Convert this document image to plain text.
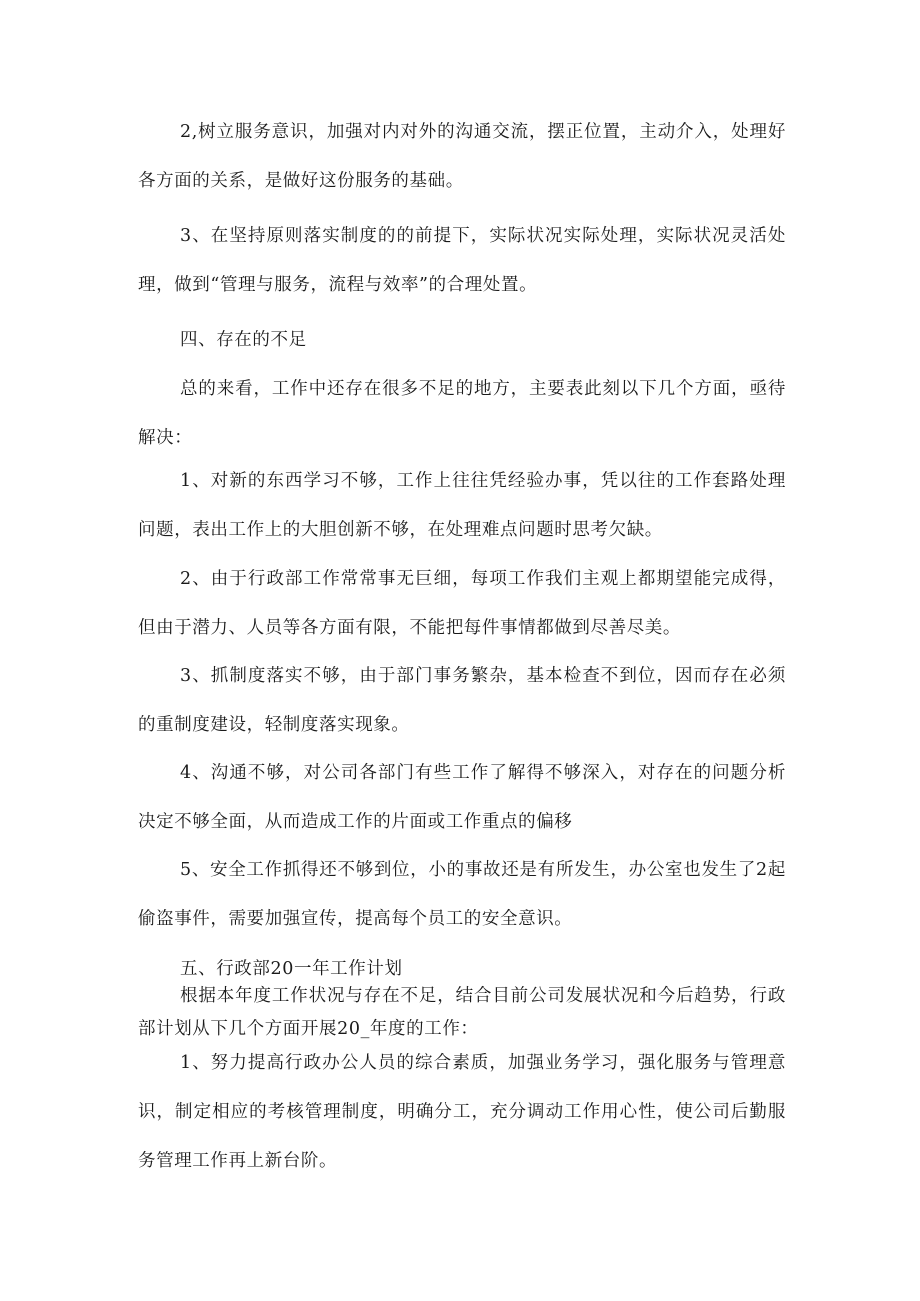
2,树立服务意识，加强对内对外的沟通交流，摆正位置，主动介入，处理好各方面的关系，是做好这份服务的基础。

3、在坚持原则落实制度的的前提下，实际状况实际处理，实际状况灵活处理，做到“管理与服务，流程与效率”的合理处置。

四、存在的不足

总的来看，工作中还存在很多不足的地方，主要表此刻以下几个方面，亟待解决：

1、对新的东西学习不够，工作上往往凭经验办事，凭以往的工作套路处理问题，表出工作上的大胆创新不够，在处理难点问题时思考欠缺。

2、由于行政部工作常常事无巨细，每项工作我们主观上都期望能完成得，但由于潜力、人员等各方面有限，不能把每件事情都做到尽善尽美。

3、抓制度落实不够，由于部门事务繁杂，基本检查不到位，因而存在必须的重制度建设，轻制度落实现象。

4、沟通不够，对公司各部门有些工作了解得不够深入，对存在的问题分析决定不够全面，从而造成工作的片面或工作重点的偏移

5、安全工作抓得还不够到位，小的事故还是有所发生，办公室也发生了2起偷盗事件，需要加强宣传，提高每个员工的安全意识。

五、行政部20一年工作计划

根据本年度工作状况与存在不足，结合目前公司发展状况和今后趋势，行政部计划从下几个方面开展20_年度的工作：

1、努力提高行政办公人员的综合素质，加强业务学习，强化服务与管理意识，制定相应的考核管理制度，明确分工，充分调动工作用心性，使公司后勤服务管理工作再上新台阶。
